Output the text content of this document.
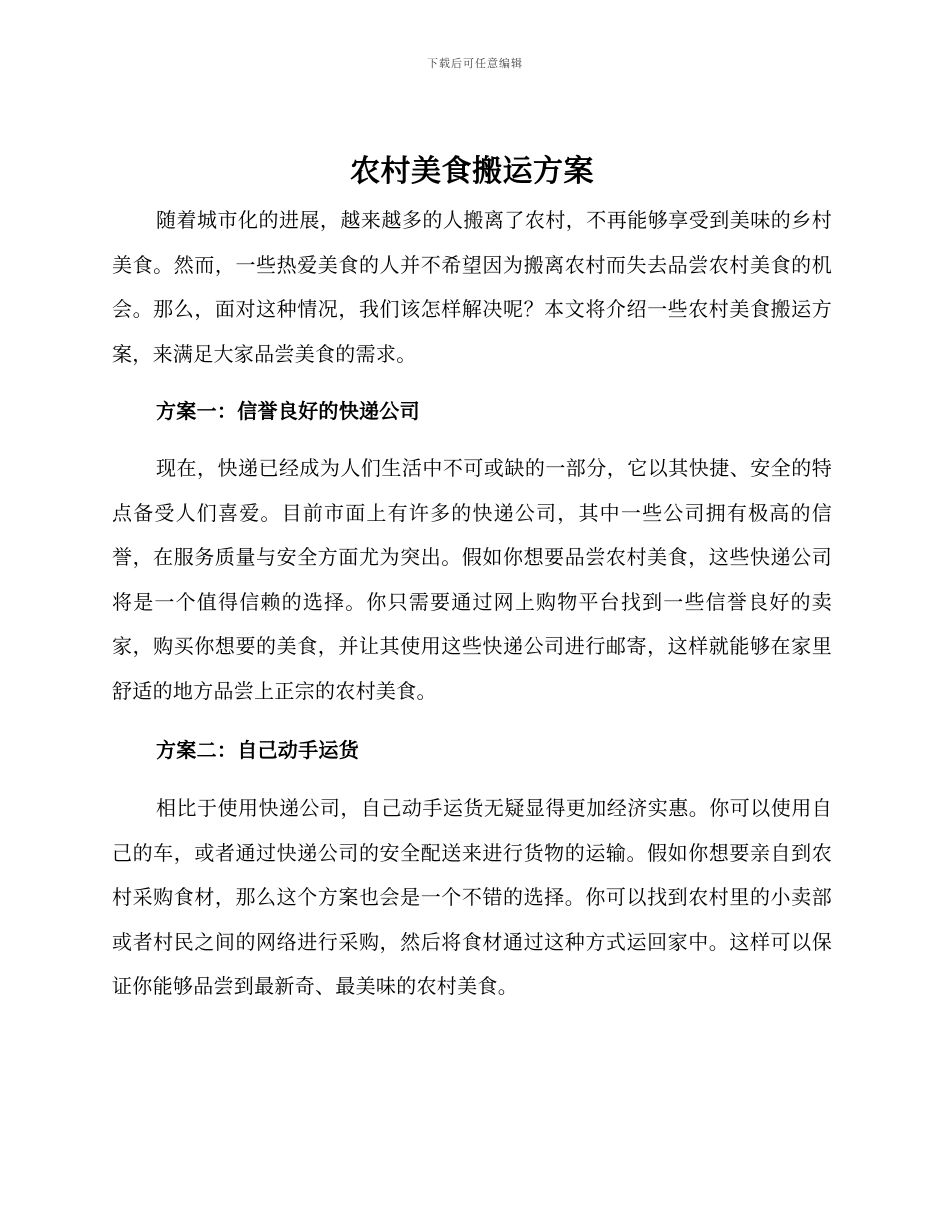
下载后可任意编辑
农村美食搬运方案

随着城市化的进展，越来越多的人搬离了农村，不再能够享受到美味的乡村美食。然而，一些热爱美食的人并不希望因为搬离农村而失去品尝农村美食的机会。那么，面对这种情况，我们该怎样解决呢？本文将介绍一些农村美食搬运方案，来满足大家品尝美食的需求。

方案一：信誉良好的快递公司

现在，快递已经成为人们生活中不可或缺的一部分，它以其快捷、安全的特点备受人们喜爱。目前市面上有许多的快递公司，其中一些公司拥有极高的信誉，在服务质量与安全方面尤为突出。假如你想要品尝农村美食，这些快递公司将是一个值得信赖的选择。你只需要通过网上购物平台找到一些信誉良好的卖家，购买你想要的美食，并让其使用这些快递公司进行邮寄，这样就能够在家里舒适的地方品尝上正宗的农村美食。

方案二：自己动手运货

相比于使用快递公司，自己动手运货无疑显得更加经济实惠。你可以使用自己的车，或者通过快递公司的安全配送来进行货物的运输。假如你想要亲自到农村采购食材，那么这个方案也会是一个不错的选择。你可以找到农村里的小卖部或者村民之间的网络进行采购，然后将食材通过这种方式运回家中。这样可以保证你能够品尝到最新奇、最美味的农村美食。
